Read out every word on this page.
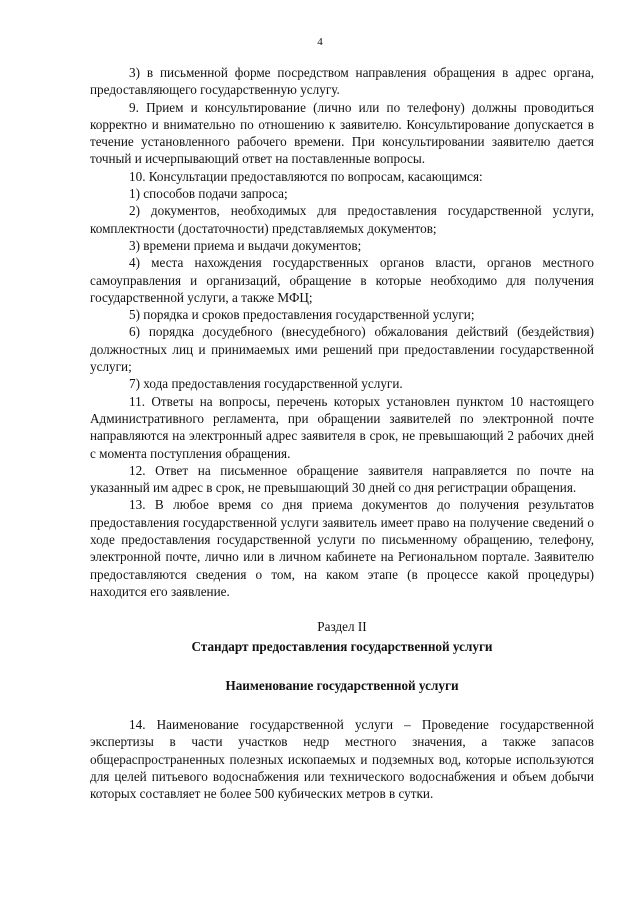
4

3) в письменной форме посредством направления обращения в адрес органа, предоставляющего государственную услугу.

9. Прием и консультирование (лично или по телефону) должны проводиться корректно и внимательно по отношению к заявителю. Консультирование допускается в течение установленного рабочего времени. При консультировании заявителю дается точный и исчерпывающий ответ на поставленные вопросы.

10. Консультации предоставляются по вопросам, касающимся:

1) способов подачи запроса;

2) документов, необходимых для предоставления государственной услуги, комплектности (достаточности) представляемых документов;

3) времени приема и выдачи документов;

4) места нахождения государственных органов власти, органов местного самоуправления и организаций, обращение в которые необходимо для получения государственной услуги, а также МФЦ;

5) порядка и сроков предоставления государственной услуги;

6) порядка досудебного (внесудебного) обжалования действий (бездействия) должностных лиц и принимаемых ими решений при предоставлении государственной услуги;

7) хода предоставления государственной услуги.

11. Ответы на вопросы, перечень которых установлен пунктом 10 настоящего Административного регламента, при обращении заявителей по электронной почте направляются на электронный адрес заявителя в срок, не превышающий 2 рабочих дней с момента поступления обращения.

12. Ответ на письменное обращение заявителя направляется по почте на указанный им адрес в срок, не превышающий 30 дней со дня регистрации обращения.

13. В любое время со дня приема документов до получения результатов предоставления государственной услуги заявитель имеет право на получение сведений о ходе предоставления государственной услуги по письменному обращению, телефону, электронной почте, лично или в личном кабинете на Региональном портале. Заявителю предоставляются сведения о том, на каком этапе (в процессе какой процедуры) находится его заявление.

Раздел II

Стандарт предоставления государственной услуги

Наименование государственной услуги

14. Наименование государственной услуги – Проведение государственной экспертизы в части участков недр местного значения, а также запасов общераспространенных полезных ископаемых и подземных вод, которые используются для целей питьевого водоснабжения или технического водоснабжения и объем добычи которых составляет не более 500 кубических метров в сутки.
